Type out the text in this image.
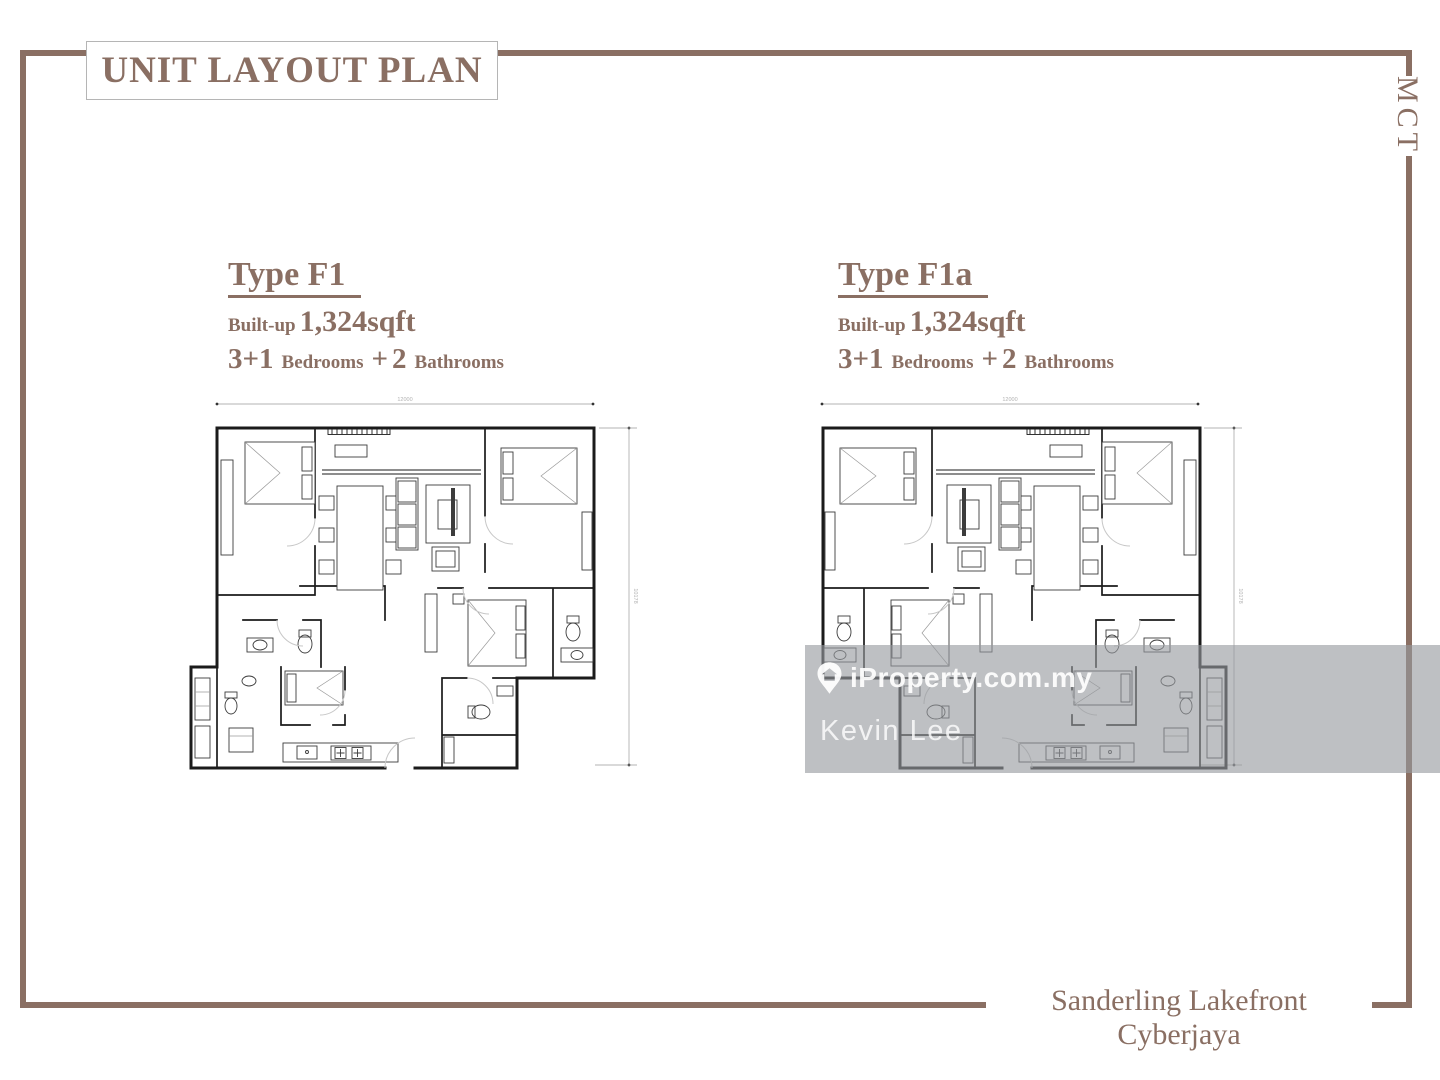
UNIT LAYOUT PLAN
MCT
Sanderling Lakefront Cyberjaya
Type F1
Built-up 1,324sqft
3+1 Bedrooms + 2 Bathrooms
Type F1a
Built-up 1,324sqft
3+1 Bedrooms + 2 Bathrooms
iProperty.com.my
Kevin Lee
